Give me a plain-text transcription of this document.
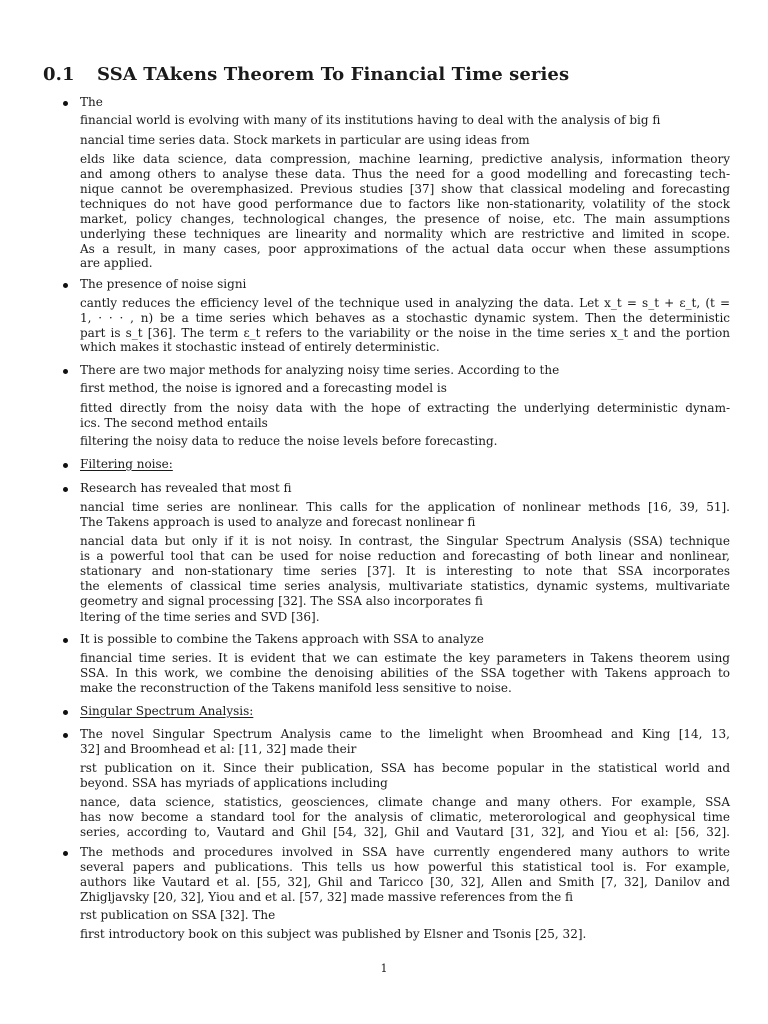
0.1 SSA TAkens Theorem To Financial Time series
The
financial world is evolving with many of its institutions having to deal with the analysis of big fi
nancial time series data. Stock markets in particular are using ideas from
elds like data science, data compression, machine learning, predictive analysis, information theory
and among others to analyse these data. Thus the need for a good modelling and forecasting tech-
nique cannot be overemphasized. Previous studies [37] show that classical modeling and forecasting
techniques do not have good performance due to factors like non-stationarity, volatility of the stock
market, policy changes, technological changes, the presence of noise, etc. The main assumptions
underlying these techniques are linearity and normality which are restrictive and limited in scope.
As a result, in many cases, poor approximations of the actual data occur when these assumptions
are applied.
The presence of noise signi
cantly reduces the efficiency level of the technique used in analyzing the data. Let x_t = s_t + ε_t, (t =
1, · · · , n) be a time series which behaves as a stochastic dynamic system. Then the deterministic
part is s_t [36]. The term ε_t refers to the variability or the noise in the time series x_t and the portion
which makes it stochastic instead of entirely deterministic.
There are two major methods for analyzing noisy time series. According to the
first method, the noise is ignored and a forecasting model is
fitted directly from the noisy data with the hope of extracting the underlying deterministic dynam-
ics. The second method entails
filtering the noisy data to reduce the noise levels before forecasting.
Filtering noise:
Research has revealed that most fi
nancial time series are nonlinear. This calls for the application of nonlinear methods [16, 39, 51].
The Takens approach is used to analyze and forecast nonlinear fi
nancial data but only if it is not noisy. In contrast, the Singular Spectrum Analysis (SSA) technique
is a powerful tool that can be used for noise reduction and forecasting of both linear and nonlinear,
stationary and non-stationary time series [37]. It is interesting to note that SSA incorporates
the elements of classical time series analysis, multivariate statistics, dynamic systems, multivariate
geometry and signal processing [32]. The SSA also incorporates fi
ltering of the time series and SVD [36].
It is possible to combine the Takens approach with SSA to analyze
financial time series. It is evident that we can estimate the key parameters in Takens theorem using
SSA. In this work, we combine the denoising abilities of the SSA together with Takens approach to
make the reconstruction of the Takens manifold less sensitive to noise.
Singular Spectrum Analysis:
The novel Singular Spectrum Analysis came to the limelight when Broomhead and King [14, 13,
32] and Broomhead et al: [11, 32] made their
rst publication on it. Since their publication, SSA has become popular in the statistical world and
beyond. SSA has myriads of applications including
nance, data science, statistics, geosciences, climate change and many others. For example, SSA
has now become a standard tool for the analysis of climatic, meterorological and geophysical time
series, according to, Vautard and Ghil [54, 32], Ghil and Vautard [31, 32], and Yiou et al: [56, 32].
The methods and procedures involved in SSA have currently engendered many authors to write
several papers and publications. This tells us how powerful this statistical tool is. For example,
authors like Vautard et al. [55, 32], Ghil and Taricco [30, 32], Allen and Smith [7, 32], Danilov and
Zhigljavsky [20, 32], Yiou and et al. [57, 32] made massive references from the fi
rst publication on SSA [32]. The
first introductory book on this subject was published by Elsner and Tsonis [25, 32].
1
